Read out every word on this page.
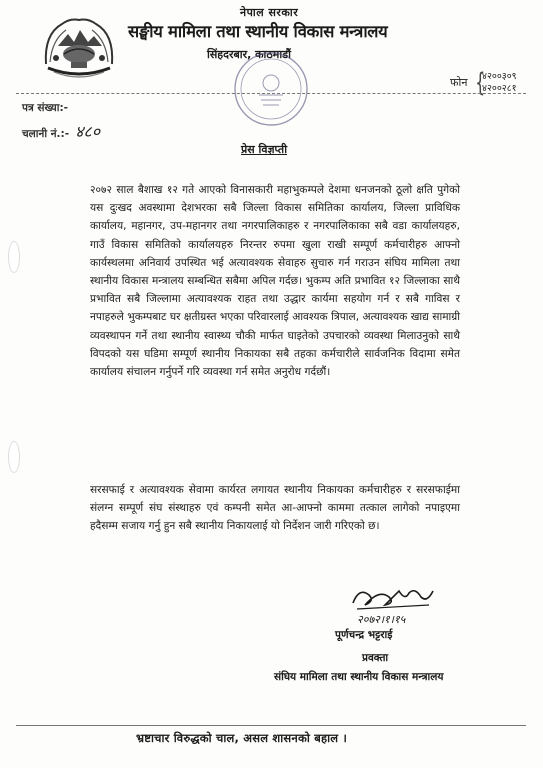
नेपाल सरकार
सङ्घीय मामिला तथा स्थानीय विकास मन्त्रालय
सिंहदरबार, काठमाडौं
फोन {
४२००३०९
४२००२८१
पत्र संख्या:-
चलानी नं.:- ४८०
प्रेस विज्ञप्ती
२०७२ साल बैशाख १२ गते आएको विनासकारी महाभुकम्पले देशमा धनजनको ठूलो क्षति पुगेको यस दुःखद अवस्थामा देशभरका सबै जिल्ला विकास समितिका कार्यालय, जिल्ला प्राविधिक कार्यालय, महानगर, उप-महानगर तथा नगरपालिकाहरु र नगरपालिकाका सबै वडा कार्यालयहरु, गाउँ विकास समितिको कार्यालयहरु निरन्तर रुपमा खुला राखी सम्पूर्ण कर्मचारीहरु आफ्नो कार्यस्थलमा अनिवार्य उपस्थित भई अत्यावश्यक सेवाहरु सुचारु गर्न गराउन संघिय मामिला तथा स्थानीय विकास मन्त्रालय सम्बन्धित सबैमा अपिल गर्दछ। भुकम्प अति प्रभावित १२ जिल्लाका साथै प्रभावित सबै जिल्लामा अत्यावश्यक राहत तथा उद्धार कार्यमा सहयोग गर्न र सबै गाविस र नपाहरुले भुकम्पबाट घर क्षतीग्रस्त भएका परिवारलाई आवश्यक त्रिपाल, अत्यावश्यक खाद्य सामाग्री व्यवस्थापन गर्ने तथा स्थानीय स्वास्थ्य चौकी मार्फत घाइतेको उपचारको व्यवस्था मिलाउनुको साथै विपदको यस घडिमा सम्पूर्ण स्थानीय निकायका सबै तहका कर्मचारीले सार्वजनिक विदामा समेत कार्यालय संचालन गर्नुपर्ने गरि व्यवस्था गर्न समेत अनुरोध गर्दछौं।
सरसफाई र अत्यावश्यक सेवामा कार्यरत लगायत स्थानीय निकायका कर्मचारीहरु र सरसफाईमा संलग्न सम्पूर्ण संघ संस्थाहरु एवं कम्पनी समेत आ-आफ्नो काममा तत्काल लागेको नपाइएमा हदैसम्म सजाय गर्नु हुन सबै स्थानीय निकायलाई यो निर्देशन जारी गरिएको छ।
२०७२।१।१५
पूर्णचन्द्र भट्टराई
प्रवक्ता
संघिय मामिला तथा स्थानीय विकास मन्त्रालय
भ्रष्टाचार विरुद्धको चाल, असल शासनको बहाल ।
